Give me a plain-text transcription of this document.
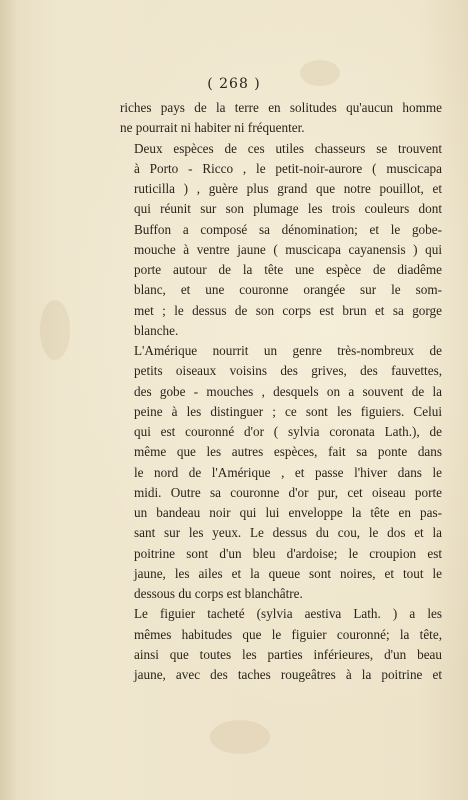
( 268 )

riches pays de la terre en solitudes qu'aucun homme
ne pourrait ni habiter ni fréquenter.

Deux espèces de ces utiles chasseurs se trouvent
à Porto - Ricco , le petit-noir-aurore ( muscicapa
ruticilla ) , guère plus grand que notre pouillot, et
qui réunit sur son plumage les trois couleurs dont
Buffon a composé sa dénomination; et le gobe-
mouche à ventre jaune ( muscicapa cayanensis ) qui
porte autour de la tête une espèce de diadême
blanc, et une couronne orangée sur le som-
met ; le dessus de son corps est brun et sa gorge
blanche.

L'Amérique nourrit un genre très-nombreux de
petits oiseaux voisins des grives, des fauvettes,
des gobe - mouches , desquels on a souvent de la
peine à les distinguer ; ce sont les figuiers. Celui
qui est couronné d'or ( sylvia coronata Lath.), de
même que les autres espèces, fait sa ponte dans
le nord de l'Amérique , et passe l'hiver dans le
midi. Outre sa couronne d'or pur, cet oiseau porte
un bandeau noir qui lui enveloppe la tête en pas-
sant sur les yeux. Le dessus du cou, le dos et la
poitrine sont d'un bleu d'ardoise; le croupion est
jaune, les ailes et la queue sont noires, et tout le
dessous du corps est blanchâtre.

Le figuier tacheté (sylvia aestiva Lath. ) a les
mêmes habitudes que le figuier couronné; la tête,
ainsi que toutes les parties inférieures, d'un beau
jaune, avec des taches rougeâtres à la poitrine et
